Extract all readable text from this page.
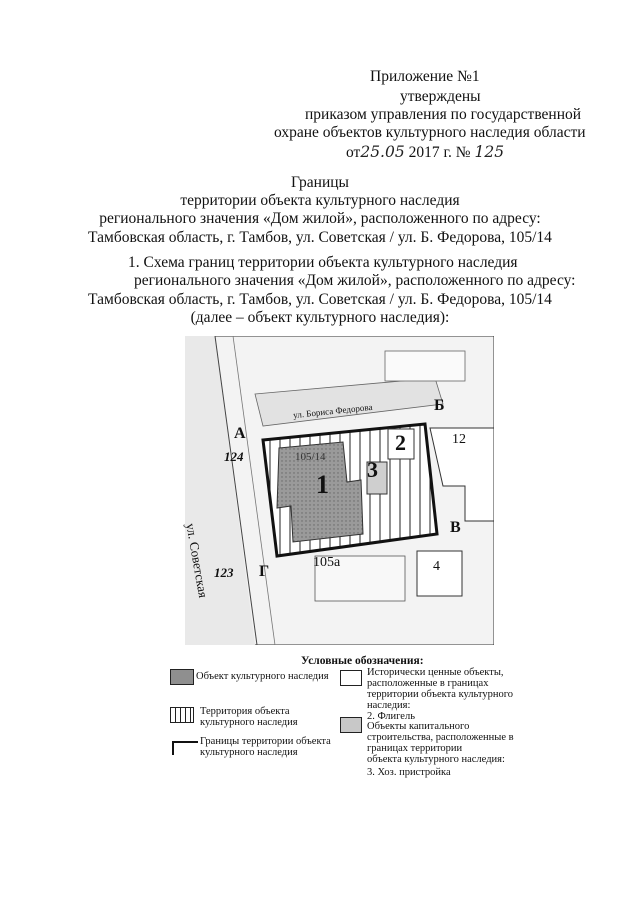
Приложение №1
утверждены
приказом управления по государственной
охране объектов культурного наследия области
от25.05 2017 г. № 125
Границы
территории объекта культурного наследия
регионального значения «Дом жилой», расположенного по адресу:
Тамбовская область, г. Тамбов, ул. Советская / ул. Б. Федорова, 105/14
1. Схема границ территории объекта культурного наследия
регионального значения «Дом жилой», расположенного по адресу:
Тамбовская область, г. Тамбов, ул. Советская / ул. Б. Федорова, 105/14
(далее – объект культурного наследия):
А
Б
В
Г
124
123
105/14
105а
12
4
1
2
3
ул. Советская
ул. Бориса Федорова
Условные обозначения:
Объект культурного наследия
Территория объекта
культурного наследия
Границы территории объекта
культурного наследия
Исторически ценные объекты,
расположенные в границах
территории объекта культурного
наследия:
2. Флигель
Объекты капитального
строительства, расположенные в
границах территории
объекта культурного наследия:
3. Хоз. пристройка
